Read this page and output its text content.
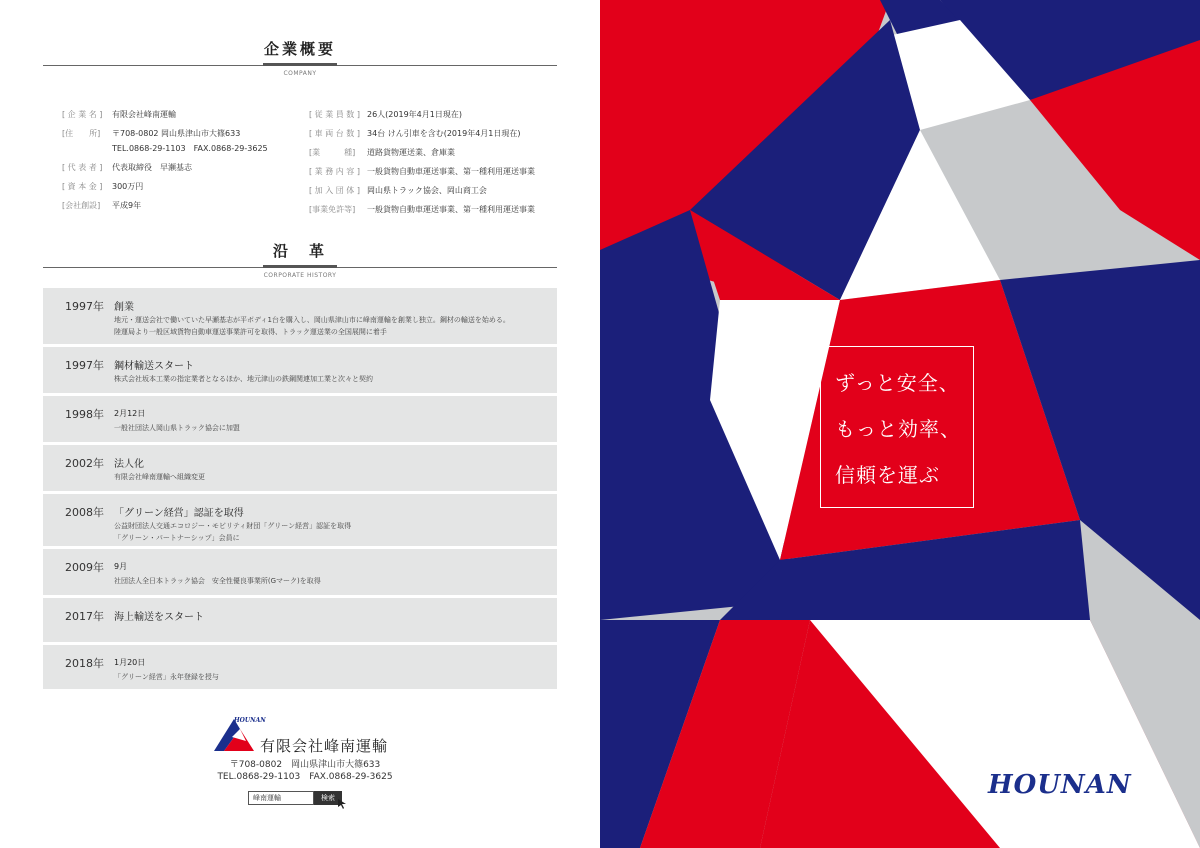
企業概要
COMPANY
[ 企 業 名 ] 有限会社峰南運輸
[住　　所] 〒708-0802 岡山県津山市大篠633
TEL.0868-29-1103　FAX.0868-29-3625
[ 代 表 者 ] 代表取締役　早瀬基志
[ 資 本 金 ] 300万円
[会社創設] 平成9年
[ 従 業 員 数 ] 26人(2019年4月1日現在)
[ 車 両 台 数 ] 34台 けん引車を含む(2019年4月1日現在)
[業　　　種] 道路貨物運送業、倉庫業
[ 業 務 内 容 ] 一般貨物自動車運送事業、第一種利用運送事業
[ 加 入 団 体 ] 岡山県トラック協会、岡山商工会
[事業免許等] 一般貨物自動車運送事業、第一種利用運送事業
沿　革
CORPORATE HISTORY
1997年 創業
地元・運送会社で働いていた早瀬基志が平ボディ1台を購入し、岡山県津山市に峰南運輸を創業し独立。鋼材の輸送を始める。
陸運局より一般区域貨物自動車運送事業許可を取得、トラック運送業の全国展開に着手
1997年 鋼材輸送スタート
株式会社坂本工業の指定業者となるほか、地元津山の鉄鋼関連加工業と次々と契約
1998年 2月12日
一般社団法人岡山県トラック協会に加盟
2002年 法人化
有限会社峰南運輸へ組織変更
2008年 「グリーン経営」認証を取得
公益財団法人交通エコロジー・モビリティ財団「グリーン経営」認証を取得
「グリーン・パートナーシップ」会員に
2009年 9月
社団法人全日本トラック協会　安全性優良事業所(Gマーク)を取得
2017年 海上輸送をスタート
2018年 1月20日
「グリーン経営」永年登録を授与
HOUNAN
有限会社峰南運輸
〒708-0802　岡山県津山市大篠633
TEL.0868-29-1103　FAX.0868-29-3625
峰南運輸	検索
ずっと安全、
もっと効率、
信頼を運ぶ
HOUNAN
